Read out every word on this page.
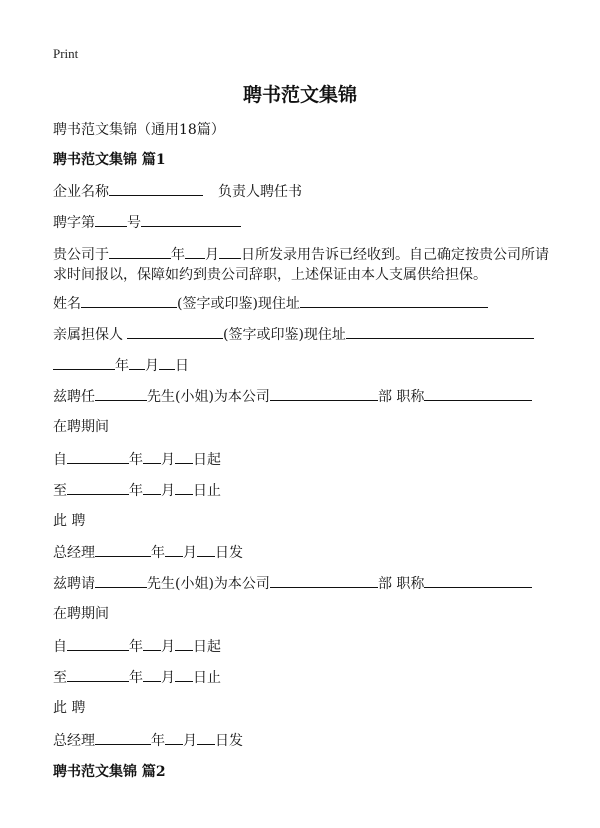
Print
聘书范文集锦
聘书范文集锦（通用18篇）
聘书范文集锦 篇1
企业名称	负责人聘任书
聘字第 号
贵公司于	年 月 日所发录用告诉已经收到。自己确定按贵公司所请求时间报以，保障如约到贵公司辞职，上述保证由本人支属供给担保。
姓名	(签字或印鉴)现住址
亲属担保人	(签字或印鉴)现住址
年 月 日
兹聘任	先生(小姐)为本公司	部 职称
在聘期间
自	年 月 日起
至	年 月 日止
此 聘
总经理	年 月 日发
兹聘请	先生(小姐)为本公司	部 职称
在聘期间
自	年 月 日起
至	年 月 日止
此 聘
总经理	年 月 日发
聘书范文集锦 篇2
